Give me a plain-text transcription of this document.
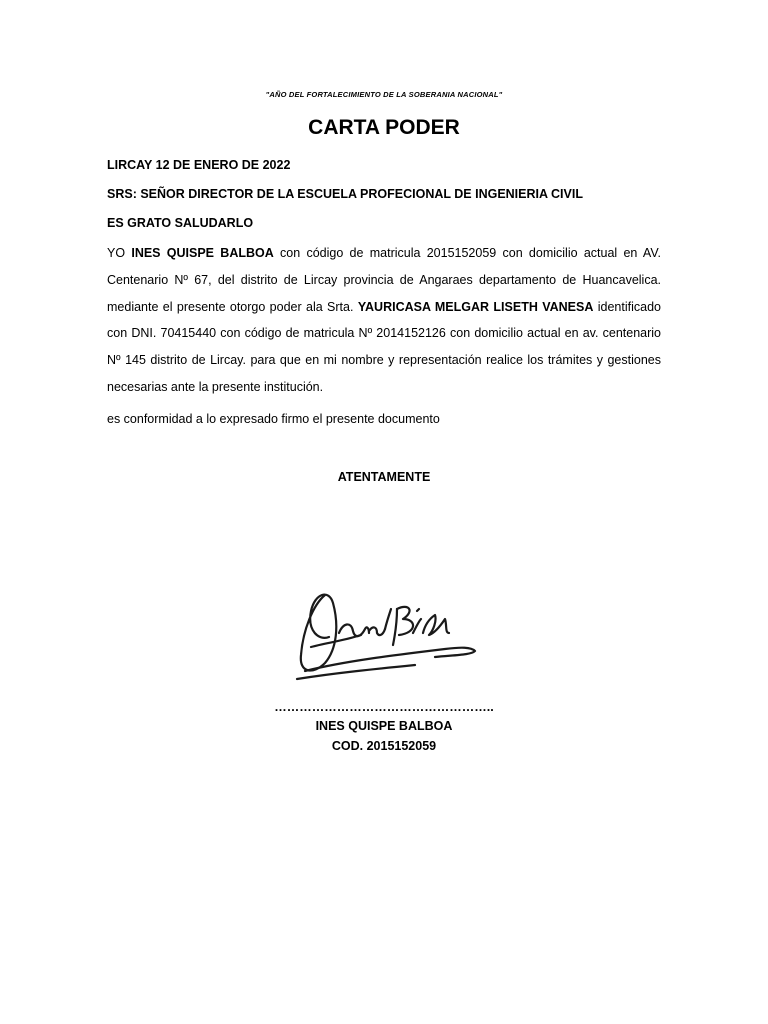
"AÑO DEL FORTALECIMIENTO DE LA SOBERANIA NACIONAL"
CARTA PODER
LIRCAY 12 DE ENERO DE 2022
SRS: SEÑOR DIRECTOR DE LA ESCUELA PROFECIONAL DE INGENIERIA CIVIL
ES GRATO SALUDARLO
YO INES QUISPE BALBOA con código de matricula 2015152059 con domicilio actual en AV. Centenario Nº 67, del distrito de Lircay provincia de Angaraes departamento de Huancavelica. mediante el presente otorgo poder ala Srta. YAURICASA MELGAR LISETH VANESA identificado con DNI. 70415440 con código de matricula Nº 2014152126 con domicilio actual en av. centenario Nº 145 distrito de Lircay. para que en mi nombre y representación realice los trámites y gestiones necesarias ante la presente institución.
es conformidad a lo expresado firmo el presente documento
ATENTAMENTE
……………………………………………..
INES QUISPE BALBOA
COD. 2015152059
